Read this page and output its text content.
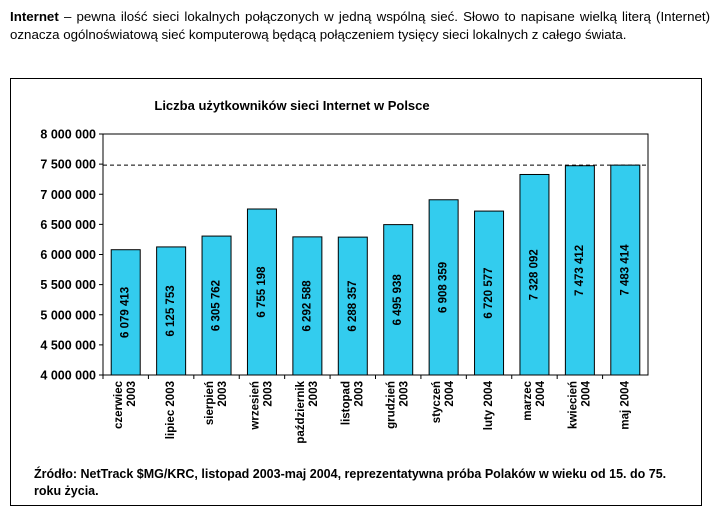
Internet – pewna ilość sieci lokalnych połączonych w jedną wspólną sieć. Słowo to napisane wielką literą (Internet) oznacza ogólnoświatową sieć komputerową będącą połączeniem tysięcy sieci lokalnych z całego świata.
Liczba użytkowników sieci Internet w Polsce
4 000 000
4 500 000
5 000 000
5 500 000
6 000 000
6 500 000
7 000 000
7 500 000
8 000 000
6 079 413
czerwiec 2003
6 125 753
lipiec 2003
6 305 762
sierpień 2003
6 755 198
wrzesień 2003
6 292 588
październik 2003
6 288 357
listopad 2003
6 495 938
grudzień 2003
6 908 359
styczeń 2004
6 720 577
luty 2004
7 328 092
marzec 2004
7 473 412
kwiecień 2004
7 483 414
maj 2004
Źródło: NetTrack $MG/KRC, listopad 2003-maj 2004, reprezentatywna próba Polaków w wieku od 15. do 75. roku życia.
